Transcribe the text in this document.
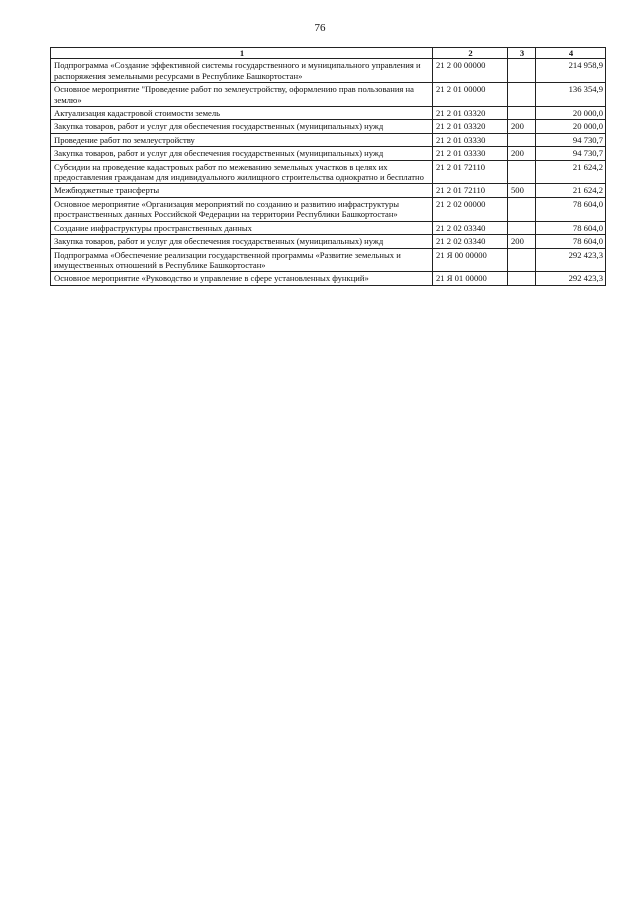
76
1	2	3	4
Подпрограмма «Создание эффективной системы государственного и муниципального управления и распоряжения земельными ресурсами в Республике Башкортостан»	21 2 00 00000		214 958,9
Основное мероприятие "Проведение работ по землеустройству, оформлению прав пользования на землю»	21 2 01 00000		136 354,9
Актуализация кадастровой стоимости земель	21 2 01 03320		20 000,0
Закупка товаров, работ и услуг для обеспечения государственных (муниципальных) нужд	21 2 01 03320	200	20 000,0
Проведение работ по землеустройству	21 2 01 03330		94 730,7
Закупка товаров, работ и услуг для обеспечения государственных (муниципальных) нужд	21 2 01 03330	200	94 730,7
Субсидии на проведение кадастровых работ по межеванию земельных участков в целях их предоставления гражданам для индивидуального жилищного строительства однократно и бесплатно	21 2 01 72110		21 624,2
Межбюджетные трансферты	21 2 01 72110	500	21 624,2
Основное мероприятие «Организация мероприятий по созданию и развитию инфраструктуры пространственных данных Российской Федерации на территории Республики Башкортостан»	21 2 02 00000		78 604,0
Создание инфраструктуры пространственных данных	21 2 02 03340		78 604,0
Закупка товаров, работ и услуг для обеспечения государственных (муниципальных) нужд	21 2 02 03340	200	78 604,0
Подпрограмма «Обеспечение реализации государственной программы «Развитие земельных и имущественных отношений в Республике Башкортостан»	21 Я 00 00000		292 423,3
Основное мероприятие «Руководство и управление в сфере установленных функций»	21 Я 01 00000		292 423,3
